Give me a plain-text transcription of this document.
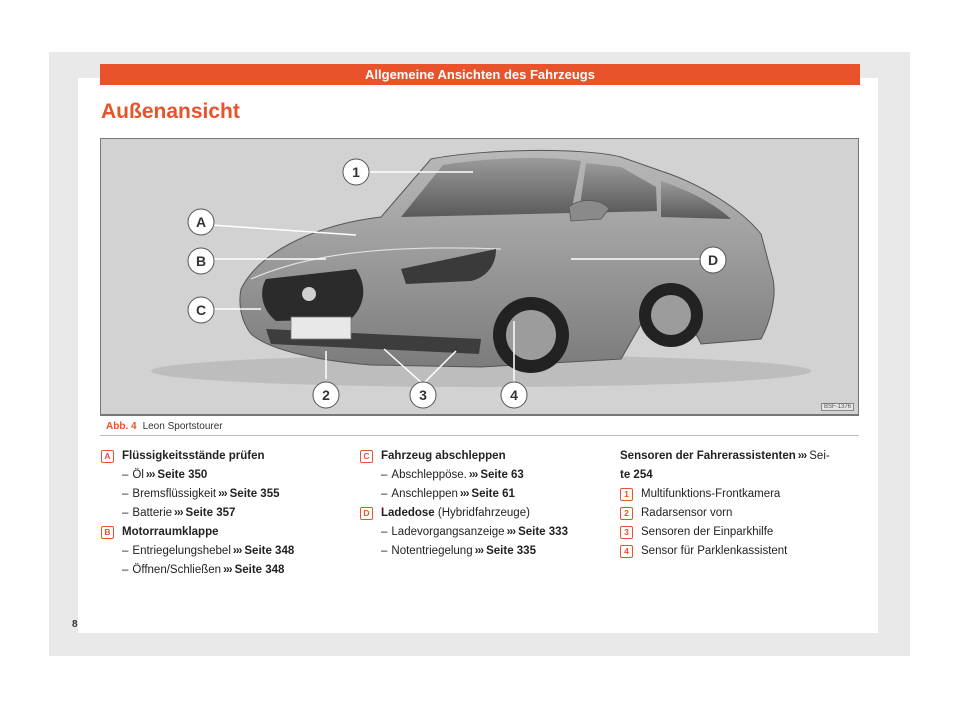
Allgemeine Ansichten des Fahrzeugs
Außenansicht
1
A
B
C
D
2	3	4
BSF-1376
Abb. 4 Leon Sportstourer
A Flüssigkeitsstände prüfen
– Öl ››› Seite 350
– Bremsflüssigkeit ››› Seite 355
– Batterie ››› Seite 357
B Motorraumklappe
– Entriegelungshebel ››› Seite 348
– Öffnen/Schließen ››› Seite 348
C Fahrzeug abschleppen
– Abschleppöse. ››› Seite 63
– Anschleppen ››› Seite 61
D Ladedose (Hybridfahrzeuge)
– Ladevorgangsanzeige ››› Seite 333
– Notentriegelung ››› Seite 335
Sensoren der Fahrerassistenten ››› Sei-
te 254
1	Multifunktions-Frontkamera
2	Radarsensor vorn
3	Sensoren der Einparkhilfe
4	Sensor für Parklenkassistent
8
